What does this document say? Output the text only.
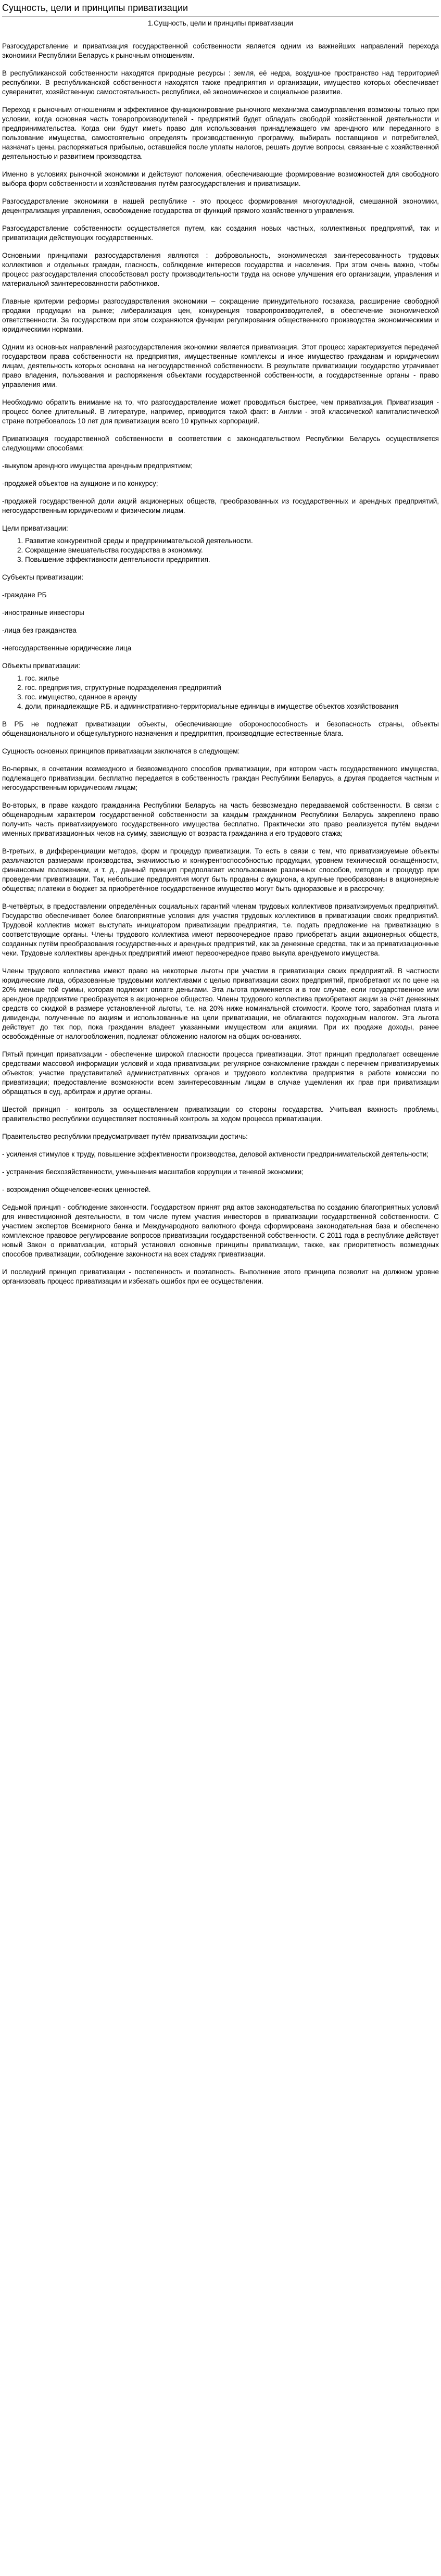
Сущность, цели и принципы приватизации
1.Сущность, цели и принципы приватизации

Разгосударствление и приватизация государственной собственности является одним из важнейших направлений перехода экономики Республики Беларусь к рыночным отношениям.

В республиканской собственности находятся природные ресурсы : земля, её недра, воздушное пространство над территорией республики. В республиканской собственности находятся также предприятия и организации, имущество которых обеспечивает суверенитет, хозяйственную самостоятельность республики, её экономическое и социальное развитие.

Переход к рыночным отношениям и эффективное функционирование рыночного механизма самоурпавления возможны только при условии, когда основная часть товаропроизводителей - предприятий будет обладать свободой хозяйственной деятельности и предпринимательства. Когда они будут иметь право для использования принадлежащего им арендного или переданного в пользование имущества, самостоятельно определять производственную программу, выбирать поставщиков и потребителей, назначать цены, распоряжаться прибылью, оставшейся после уплаты налогов, решать другие вопросы, связанные с хозяйственной деятельностью и развитием производства.

Именно в условиях рыночной экономики и действуют положения, обеспечивающие формирование возможностей для свободного выбора форм собственности и хозяйствования путём разгосударствления и приватизации.

Разгосударствление экономики в нашей республике - это процесс формирования многоукладной, смешанной экономики, децентрализация управления, освобождение государства от функций прямого хозяйственного управления.

Разгосударствление собственности осуществляется путем, как создания новых частных, коллективных предприятий, так и приватизации действующих государственных.

Основными принципами разгосударствления являются : добровольность, экономическая заинтересованность трудовых коллективов и отдельных граждан, гласность, соблюдение интересов государства и населения. При этом очень важно, чтобы процесс разгосударствления способствовал росту производительности труда на основе улучшения его организации, управления и материальной заинтересованности работников.

Главные критерии реформы разгосударствления экономики – сокращение принудительного госзаказа, расширение свободной продажи продукции на рынке; либерализация цен, конкуренция товаропроизводителей, в обеспечение экономической ответственности. За государством при этом сохраняются функции регулирования общественного производства экономическими и юридическими нормами.

Одним из основных направлений разгосударствления экономики является приватизация. Этот процесс характеризуется передачей государством права собственности на предприятия, имущественные комплексы и иное имущество гражданам и юридическим лицам, деятельность которых основана на негосударственной собственности. В результате приватизации государство утрачивает право владения, пользования и распоряжения объектами государственной собственности, а государственные органы - право управления ими.

Необходимо обратить внимание на то, что разгосударствление может проводиться быстрее, чем приватизация. Приватизация - процесс более длительный. В литературе, например, приводится такой факт: в Англии - этой классической капиталистической стране потребовалось 10 лет для приватизации всего 10 крупных корпораций.

Приватизация государственной собственности в соответствии с законодательством Республики Беларусь осуществляется следующими способами:

-выкупом арендного имущества арендным предприятием;

-продажей объектов на аукционе и по конкурсу;

-продажей государственной доли акций акционерных обществ, преобразованных из государственных и арендных предприятий, негосударственным юридическим и физическим лицам.

Цели приватизации:
1. Развитие конкурентной среды и предпринимательской деятельности.
2. Сокращение вмешательства государства в экономику.
3. Повышение эффективности деятельности предприятия.
Субъекты приватизации:
-граждане РБ
-иностранные инвесторы
-лица без гражданства
-негосударственные юридические лица
Объекты приватизации:
1. гос. жилье
2. гос. предприятия, структурные подразделения предприятий
3. гос. имущество, сданное в аренду
4. доли, принадлежащие Р.Б. и административно-территориальные единицы в имуществе объектов хозяйствования

В РБ не подлежат приватизации объекты, обеспечивающие обороноспособность и безопасность страны, объекты общенационального и общекультурного назначения и предприятия, производящие естественные блага.

Сущность основных принципов приватизации заключатся в следующем:

Во-первых, в сочетании возмездного и безвозмездного способов приватизации, при котором часть государственного имущества, подлежащего приватизации, бесплатно передается в собственность граждан Республики Беларусь, а другая продается частным и негосударственным юридическим лицам;

Во-вторых, в праве каждого гражданина Республики Беларусь на часть безвозмездно передаваемой собственности. В связи с общенародным характером государственной собственности за каждым гражданином Республики Беларусь закреплено право получить часть приватизируемого государственного имущества бесплатно. Практически это право реализуется путём выдачи именных приватизационных чеков на сумму, зависящую от возраста гражданина и его трудового стажа;

В-третьих, в дифференциации методов, форм и процедур приватизации. То есть в связи с тем, что приватизируемые объекты различаются размерами производства, значимостью и конкурентоспособностью продукции, уровнем технической оснащённости, финансовым положением, и т. д., данный принцип предполагает использование различных способов, методов и процедур при проведении приватизации. Так, небольшие предприятия могут быть проданы с аукциона, а крупные преобразованы в акционерные общества; платежи в бюджет за приобретённое государственное имущество могут быть одноразовые и в рассрочку;

В-четвёртых, в предоставлении определённых социальных гарантий членам трудовых коллективов приватизируемых предприятий. Государство обеспечивает более благоприятные условия для участия трудовых коллективов в приватизации своих предприятий. Трудовой коллектив может выступать инициатором приватизации предприятия, т.е. подать предложение на приватизацию в соответствующие органы. Члены трудового коллектива имеют первоочередное право приобретать акции акционерных обществ, созданных путём преобразования государственных и арендных предприятий, как за денежные средства, так и за приватизационные чеки. Трудовые коллективы арендных предприятий имеют первоочередное право выкупа арендуемого имущества.

Члены трудового коллектива имеют право на некоторые льготы при участии в приватизации своих предприятий. В частности юридические лица, образованные трудовыми коллективами с целью приватизации своих предприятий, приобретают их по цене на 20% меньше той суммы, которая подлежит оплате деньгами. Эта льгота применяется и в том случае, если государственное или арендное предприятие преобразуется в акционерное общество. Члены трудового коллектива приобретают акции за счёт денежных средств со скидкой в размере установленной льготы, т.е. на 20% ниже номинальной стоимости. Кроме того, заработная плата и дивиденды, полученные по акциям и использованные на цели приватизации, не облагаются подоходным налогом. Эта льгота действует до тех пор, пока гражданин владеет указанными имуществом или акциями. При их продаже доходы, ранее освобождённые от налогообложения, подлежат обложению налогом на общих основаниях.

Пятый принцип приватизации - обеспечение широкой гласности процесса приватизации. Этот принцип предполагает освещение средствами массовой информации условий и хода приватизации; регулярное ознакомление граждан с перечнем приватизируемых объектов; участие представителей административных органов и трудового коллектива предприятия в работе комиссии по приватизации; предоставление возможности всем заинтересованным лицам в случае ущемления их прав при приватизации обращаться в суд, арбитраж и другие органы.

Шестой принцип - контроль за осуществлением приватизации со стороны государства. Учитывая важность проблемы, правительство республики осуществляет постоянный контроль за ходом процесса приватизации.

Правительство республики предусматривает путём приватизации достичь:

- усиления стимулов к труду, повышение эффективности производства, деловой активности предпринимательской деятельности;

- устранения бесхозяйственности, уменьшения масштабов коррупции и теневой экономики;

- возрождения общечеловеческих ценностей.

Седьмой принцип - соблюдение законности. Государством принят ряд актов законодательства по созданию благоприятных условий для инвестиционной деятельности, в том числе путем участия инвесторов в приватизации государственной собственности. С участием экспертов Всемирного банка и Международного валютного фонда сформирована законодательная база и обеспечено комплексное правовое регулирование вопросов приватизации государственной собственности. С 2011 года в республике действует новый Закон о приватизации, который установил основные принципы приватизации, также, как приоритетность возмездных способов приватизации, соблюдение законности на всех стадиях приватизации.

И последний принцип приватизации - постепенность и поэтапность. Выполнение этого принципа позволит на должном уровне организовать процесс приватизации и избежать ошибок при ее осуществлении.
